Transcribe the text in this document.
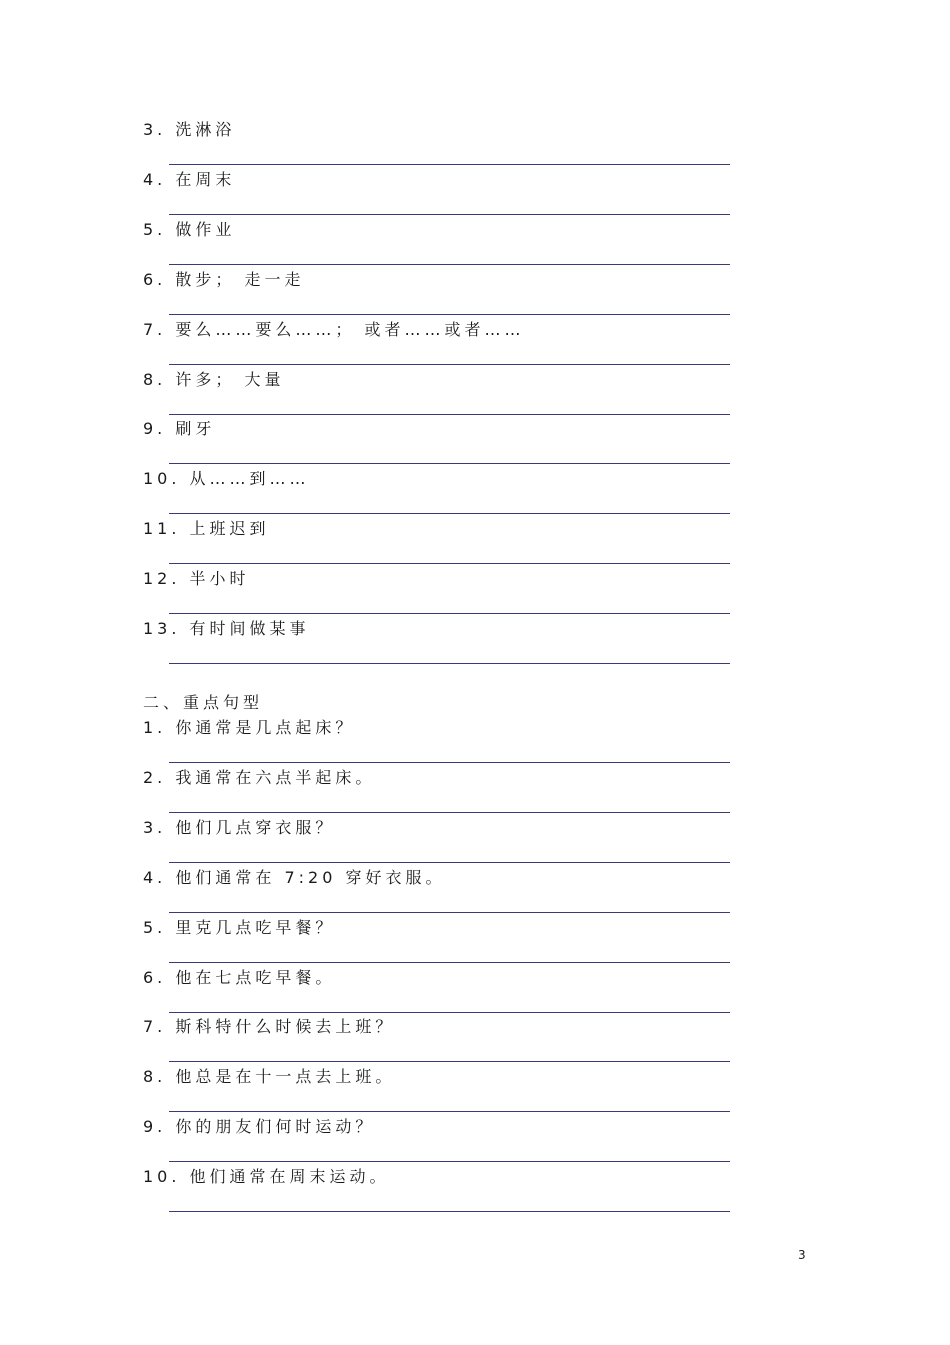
3. 洗淋浴
4. 在周末
5. 做作业
6. 散步； 走一走
7. 要么……要么……； 或者……或者……
8. 许多； 大量
9. 刷牙
10. 从……到……
11. 上班迟到
12. 半小时
13. 有时间做某事
二、重点句型
1. 你通常是几点起床？
2. 我通常在六点半起床。
3. 他们几点穿衣服？
4. 他们通常在 7:20 穿好衣服。
5. 里克几点吃早餐？
6. 他在七点吃早餐。
7. 斯科特什么时候去上班？
8. 他总是在十一点去上班。
9. 你的朋友们何时运动？
10. 他们通常在周末运动。
3
